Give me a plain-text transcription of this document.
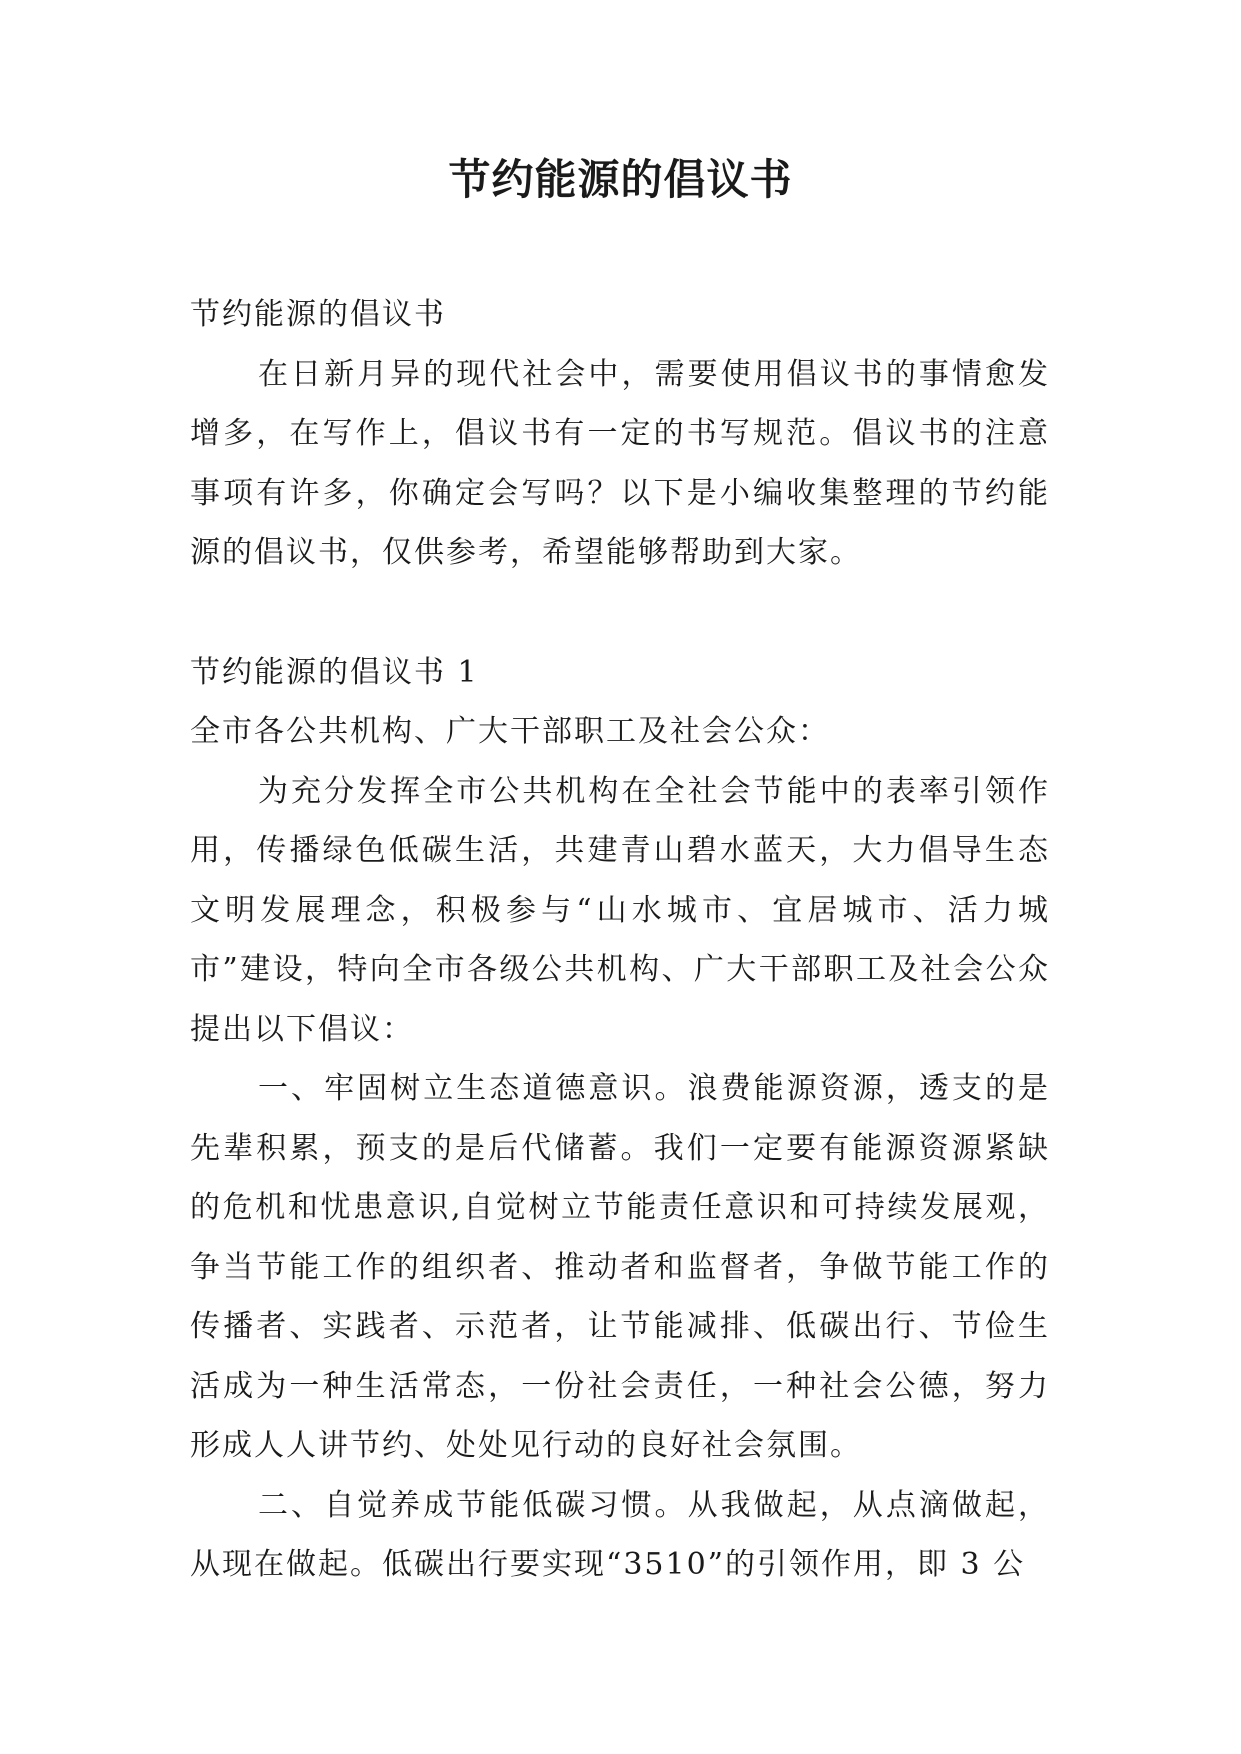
节约能源的倡议书

节约能源的倡议书

在日新月异的现代社会中，需要使用倡议书的事情愈发增多，在写作上，倡议书有一定的书写规范。倡议书的注意事项有许多，你确定会写吗？以下是小编收集整理的节约能源的倡议书，仅供参考，希望能够帮助到大家。

节约能源的倡议书 1

全市各公共机构、广大干部职工及社会公众：

为充分发挥全市公共机构在全社会节能中的表率引领作用，传播绿色低碳生活，共建青山碧水蓝天，大力倡导生态文明发展理念，积极参与“山水城市、宜居城市、活力城市”建设，特向全市各级公共机构、广大干部职工及社会公众提出以下倡议：

一、牢固树立生态道德意识。浪费能源资源，透支的是先辈积累，预支的是后代储蓄。我们一定要有能源资源紧缺的危机和忧患意识,自觉树立节能责任意识和可持续发展观，争当节能工作的组织者、推动者和监督者，争做节能工作的传播者、实践者、示范者，让节能减排、低碳出行、节俭生活成为一种生活常态，一份社会责任，一种社会公德，努力形成人人讲节约、处处见行动的良好社会氛围。

二、自觉养成节能低碳习惯。从我做起，从点滴做起，从现在做起。低碳出行要实现“3510”的引领作用，即 3 公
